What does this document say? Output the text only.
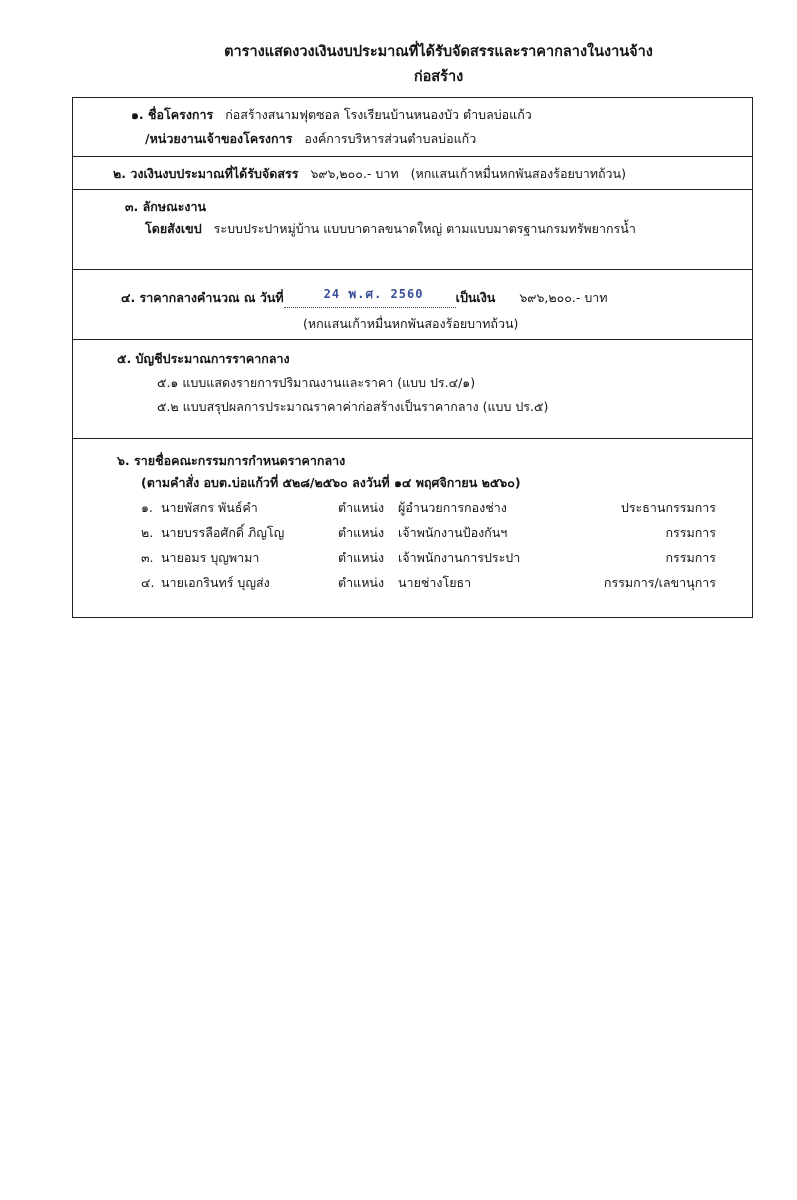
ตารางแสดงวงเงินงบประมาณที่ได้รับจัดสรรและราคากลางในงานจ้าง
ก่อสร้าง
๑. ชื่อโครงการ ก่อสร้างสนามฟุตซอล โรงเรียนบ้านหนองบัว ตำบลบ่อแก้ว
/หน่วยงานเจ้าของโครงการ องค์การบริหารส่วนตำบลบ่อแก้ว
๒. วงเงินงบประมาณที่ได้รับจัดสรร ๖๙๖,๒๐๐.- บาท (หกแสนเก้าหมื่นหกพันสองร้อยบาทถ้วน)
๓. ลักษณะงาน
โดยสังเขป ระบบประปาหมู่บ้าน แบบบาดาลขนาดใหญ่ ตามแบบมาตรฐานกรมทรัพยากรน้ำ
๔. ราคากลางคำนวณ ณ วันที่	24 พ.ศ. 2560	เป็นเงิน ๖๙๖,๒๐๐.- บาท
(หกแสนเก้าหมื่นหกพันสองร้อยบาทถ้วน)
๕. บัญชีประมาณการราคากลาง
๕.๑ แบบแสดงรายการปริมาณงานและราคา (แบบ ปร.๔/๑)
๕.๒ แบบสรุปผลการประมาณราคาค่าก่อสร้างเป็นราคากลาง (แบบ ปร.๕)
๖. รายชื่อคณะกรรมการกำหนดราคากลาง
(ตามคำสั่ง อบต.บ่อแก้วที่ ๕๒๘/๒๕๖๐ ลงวันที่ ๑๔ พฤศจิกายน ๒๕๖๐)
๑. นายพัสกร พันธ์คำ	ตำแหน่ง ผู้อำนวยการกองช่าง	ประธานกรรมการ
๒. นายบรรลือศักดิ์ ภิญโญ	ตำแหน่ง เจ้าพนักงานป้องกันฯ	กรรมการ
๓. นายอมร บุญพามา	ตำแหน่ง เจ้าพนักงานการประปา	กรรมการ
๔. นายเอกรินทร์ บุญส่ง	ตำแหน่ง นายช่างโยธา	กรรมการ/เลขานุการ
